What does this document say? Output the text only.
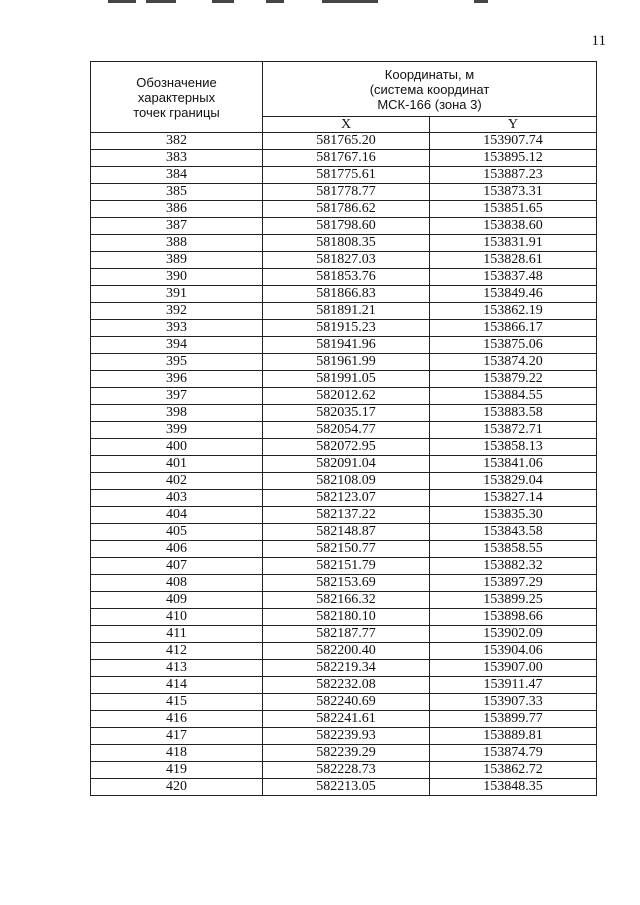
11
Обозначение
характерных
точек границы	Координаты, м
(система координат
МСК-166 (зона 3)	

	X	Y
382	581765.20	153907.74
383	581767.16	153895.12
384	581775.61	153887.23
385	581778.77	153873.31
386	581786.62	153851.65
387	581798.60	153838.60
388	581808.35	153831.91
389	581827.03	153828.61
390	581853.76	153837.48
391	581866.83	153849.46
392	581891.21	153862.19
393	581915.23	153866.17
394	581941.96	153875.06
395	581961.99	153874.20
396	581991.05	153879.22
397	582012.62	153884.55
398	582035.17	153883.58
399	582054.77	153872.71
400	582072.95	153858.13
401	582091.04	153841.06
402	582108.09	153829.04
403	582123.07	153827.14
404	582137.22	153835.30
405	582148.87	153843.58
406	582150.77	153858.55
407	582151.79	153882.32
408	582153.69	153897.29
409	582166.32	153899.25
410	582180.10	153898.66
411	582187.77	153902.09
412	582200.40	153904.06
413	582219.34	153907.00
414	582232.08	153911.47
415	582240.69	153907.33
416	582241.61	153899.77
417	582239.93	153889.81
418	582239.29	153874.79
419	582228.73	153862.72
420	582213.05	153848.35
